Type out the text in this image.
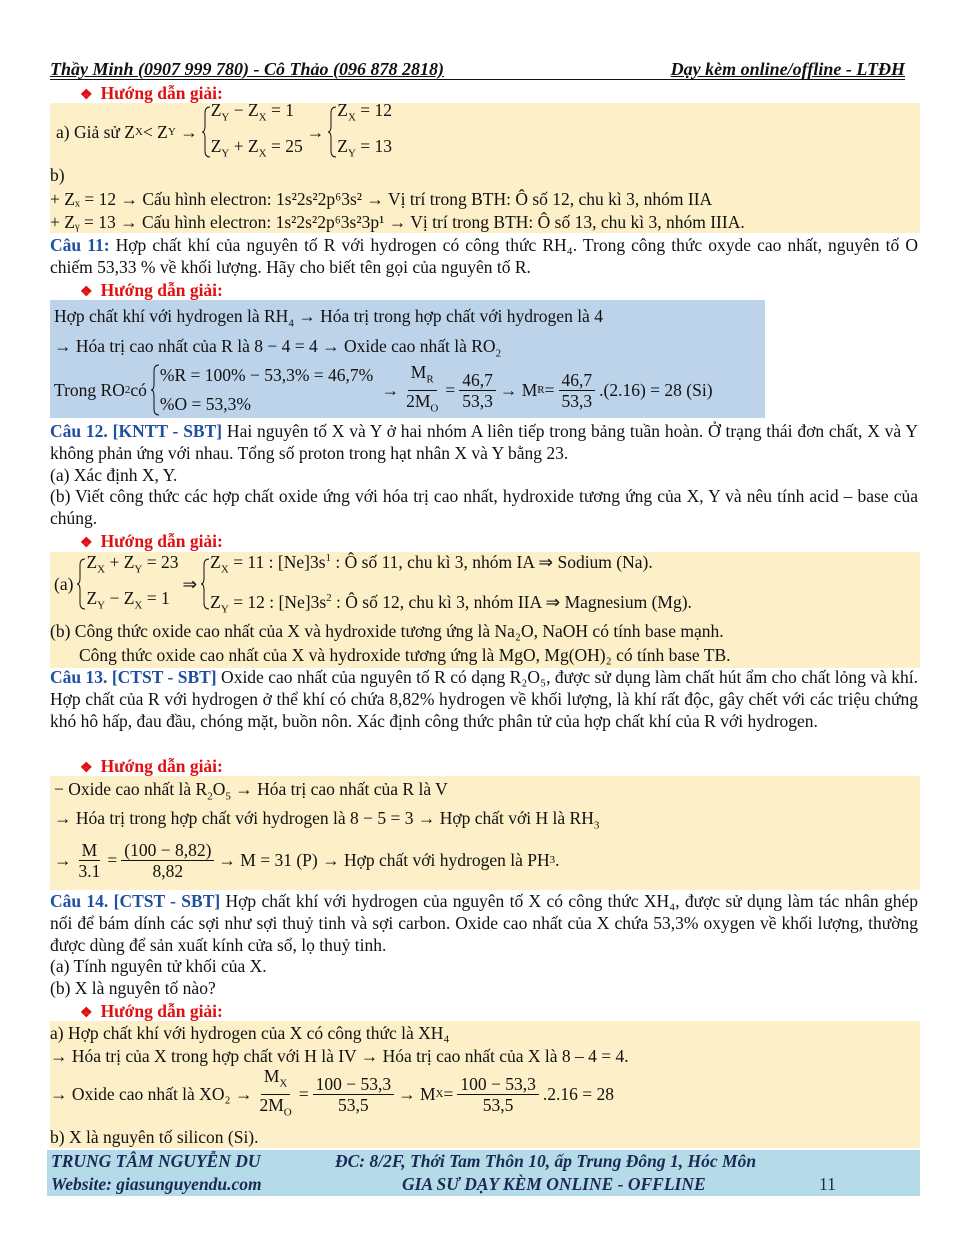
Thầy Minh (0907 999 780) - Cô Thảo (096 878 2818)	Dạy kèm online/offline - LTĐH
❖ Hướng dẫn giải:
a) Giả sử Z X < Z Y
→
$Z_Y - Z_X = 1$
$Z_Y + Z_X = 25$
→
$Z_X = 12$
$Z_Y = 13$
b)
+ Zₓ = 12 → Cấu hình electron: 1s²2s²2p⁶3s² → Vị trí trong BTH: Ô số 12, chu kì 3, nhóm IIA
+ Zᵧ = 13 → Cấu hình electron: 1s²2s²2p⁶3s²3p¹ → Vị trí trong BTH: Ô số 13, chu kì 3, nhóm IIIA.
Câu 11: Hợp chất khí của nguyên tố R với hydrogen có công thức RH₄. Trong công thức oxyde cao nhất, nguyên tố O chiếm 53,33 % về khối lượng. Hãy cho biết tên gọi của nguyên tố R.
❖ Hướng dẫn giải:
Hợp chất khí với hydrogen là $RH_4$ → Hóa trị trong hợp chất với hydrogen là 4
→ Hóa trị cao nhất của R là 8 − 4 = 4 → Oxide cao nhất là $RO_2$
Trong RO 2 có
%R = 100% − 53,3% = 46,7%
%O = 53,3%

→ $\frac{M_R}{2M_O} = \frac{46,7}{53,3} \to M$ $R = \frac{46,7}{53,3} .(2.16) = 28$ (Si)
Câu 12. [KNTT - SBT] Hai nguyên tố X và Y ở hai nhóm A liên tiếp trong bảng tuần hoàn. Ở trạng thái đơn chất, X và Y không phản ứng với nhau. Tổng số proton trong hạt nhân X và Y bằng 23.
(a) Xác định X, Y.
(b) Viết công thức các hợp chất oxide ứng với hóa trị cao nhất, hydroxide tương ứng của X, Y và nêu tính acid – base của chúng.
❖ Hướng dẫn giải:
(a)
$Z_X + Z_Y = 23$
$Z_Y - Z_X = 1$
⇒
$Z_X = 11$ : $[Ne]3s^1$ : Ô số 11, chu kì 3, nhóm IA ⇒ Sodium (Na).
$Z_Y = 12$ : $[Ne]3s^2$ : Ô số 12, chu kì 3, nhóm IIA ⇒ Magnesium (Mg).
(b) Công thức oxide cao nhất của X và hydroxide tương ứng là Na₂O, NaOH có tính base mạnh.
Công thức oxide cao nhất của X và hydroxide tương ứng là MgO, Mg(OH)₂ có tính base TB.
Câu 13. [CTST - SBT] Oxide cao nhất của nguyên tố R có dạng R₂O₅, được sử dụng làm chất hút ẩm cho chất lỏng và khí. Hợp chất của R với hydrogen ở thể khí có chứa 8,82% hydrogen về khối lượng, là khí rất độc, gây chết với các triệu chứng khó hô hấp, đau đầu, chóng mặt, buồn nôn. Xác định công thức phân tử của hợp chất khí của R với hydrogen.
❖ Hướng dẫn giải:
− Oxide cao nhất là $R_2O_5$ → Hóa trị cao nhất của R là V
→ Hóa trị trong hợp chất với hydrogen là 8 − 5 = 3 → Hợp chất với H là $RH_3$
→ $\frac{M}{3.1} = \frac{(100 - 8,82)}{8,82} \to M = 31$ (P) → Hợp chất với hydrogen là PH 3 .
Câu 14. [CTST - SBT] Hợp chất khí với hydrogen của nguyên tố X có công thức XH₄, được sử dụng làm tác nhân ghép nối để bám dính các sợi như sợi thuỷ tinh và sợi carbon. Oxide cao nhất của X chứa 53,3% oxygen về khối lượng, thường được dùng để sản xuất kính cửa sổ, lọ thuỷ tinh.
(a) Tính nguyên tử khối của X.
(b) X là nguyên tố nào?
❖ Hướng dẫn giải:
a) Hợp chất khí với hydrogen của X có công thức là XH₄
→ Hóa trị của X trong hợp chất với H là IV → Hóa trị cao nhất của X là 8 – 4 = 4.
→ Oxide cao nhất là $XO_2 \to \frac{M_X}{2M_O} = \frac{100 - 53,3}{53,5} \to M$ $X = \frac{100 - 53,3}{53,5} .2.16 = 28$
b) X là nguyên tố silicon (Si).
TRUNG TÂM NGUYỄN DU	ĐC: 8/2F, Thới Tam Thôn 10, ấp Trung Đông 1, Hóc Môn
Website: giasunguyendu.com	GIA SƯ DẠY KÈM ONLINE - OFFLINE	11
